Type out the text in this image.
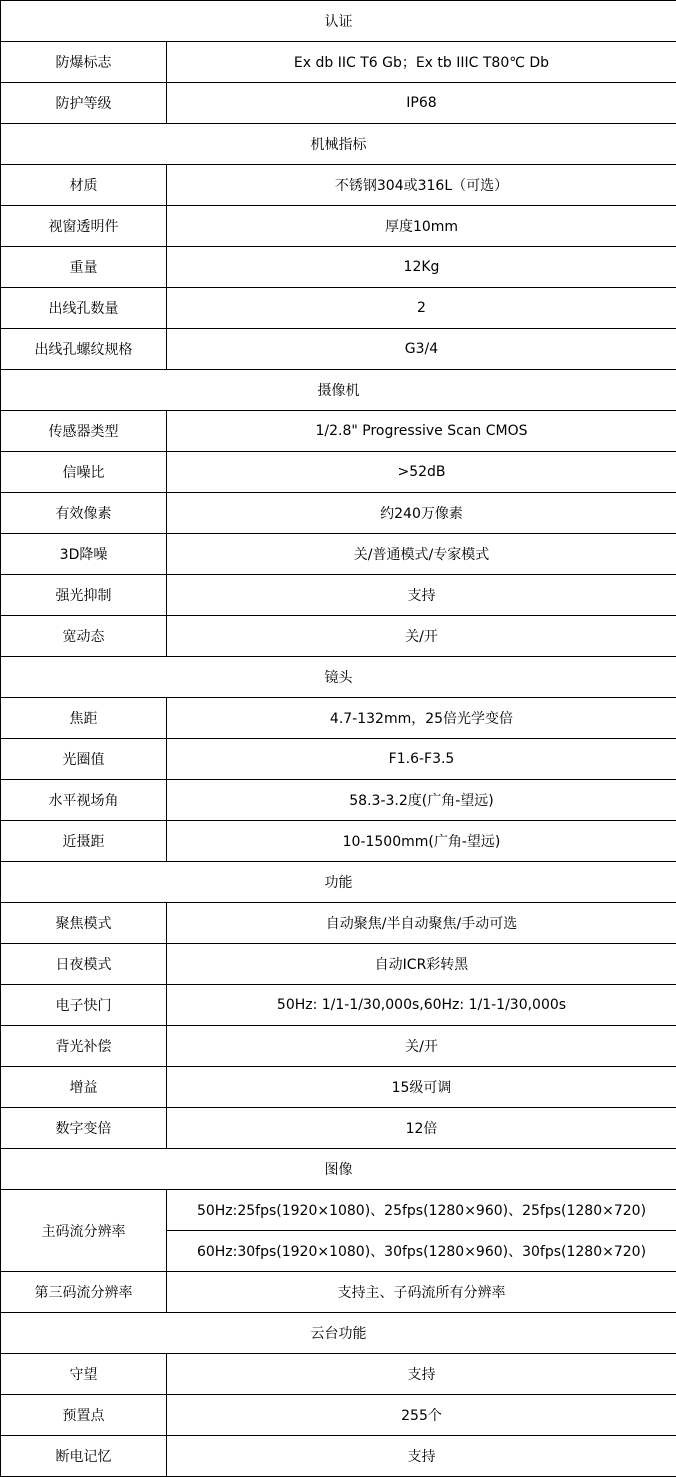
认证	
防爆标志	Ex db IIC T6 Gb；Ex tb IIIC T80℃ Db
防护等级	IP68
机械指标	
材质	不锈钢304或316L（可选）
视窗透明件	厚度10mm
重量	12Kg
出线孔数量	2
出线孔螺纹规格	G3/4
摄像机	
传感器类型	1/2.8" Progressive Scan CMOS
信噪比	>52dB
有效像素	约240万像素
3D降噪	关/普通模式/专家模式
强光抑制	支持
宽动态	关/开
镜头	
焦距	4.7-132mm，25倍光学变倍
光圈值	F1.6-F3.5
水平视场角	58.3-3.2度(广角-望远)
近摄距	10-1500mm(广角-望远)
功能	
聚焦模式	自动聚焦/半自动聚焦/手动可选
日夜模式	自动ICR彩转黑
电子快门	50Hz: 1/1-1/30,000s,60Hz: 1/1-1/30,000s
背光补偿	关/开
增益	15级可调
数字变倍	12倍
图像	
主码流分辨率	50Hz:25fps(1920×1080)、25fps(1280×960)、25fps(1280×720)
	60Hz:30fps(1920×1080)、30fps(1280×960)、30fps(1280×720)
第三码流分辨率	支持主、子码流所有分辨率
云台功能	
守望	支持
预置点	255个
断电记忆	支持
